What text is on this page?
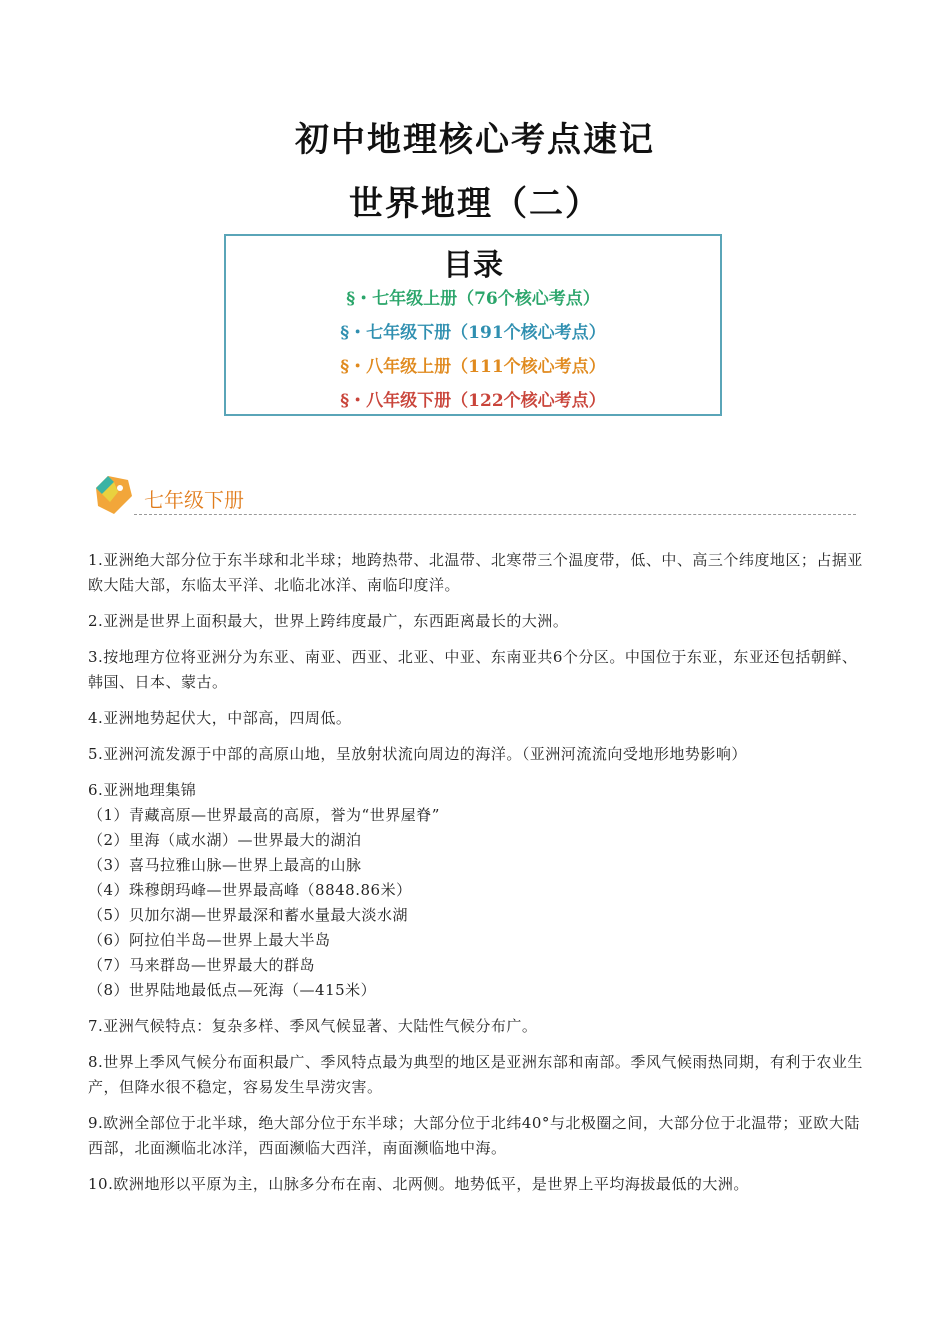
初中地理核心考点速记
世界地理（二）
目录
§・七年级上册（76个核心考点）
§・七年级下册（191个核心考点）
§・八年级上册（111个核心考点）
§・八年级下册（122个核心考点）
七年级下册

1.亚洲绝大部分位于东半球和北半球；地跨热带、北温带、北寒带三个温度带，低、中、高三个纬度地区；占据亚欧大陆大部，东临太平洋、北临北冰洋、南临印度洋。

2.亚洲是世界上面积最大，世界上跨纬度最广，东西距离最长的大洲。

3.按地理方位将亚洲分为东亚、南亚、西亚、北亚、中亚、东南亚共6个分区。中国位于东亚，东亚还包括朝鲜、韩国、日本、蒙古。

4.亚洲地势起伏大，中部高，四周低。

5.亚洲河流发源于中部的高原山地，呈放射状流向周边的海洋。（亚洲河流流向受地形地势影响）

6.亚洲地理集锦

（1）青藏高原—世界最高的高原，誉为“世界屋脊”

（2）里海（咸水湖）—世界最大的湖泊

（3）喜马拉雅山脉—世界上最高的山脉

（4）珠穆朗玛峰—世界最高峰（8848.86米）

（5）贝加尔湖—世界最深和蓄水量最大淡水湖

（6）阿拉伯半岛—世界上最大半岛

（7）马来群岛—世界最大的群岛

（8）世界陆地最低点—死海（—415米）

7.亚洲气候特点：复杂多样、季风气候显著、大陆性气候分布广。

8.世界上季风气候分布面积最广、季风特点最为典型的地区是亚洲东部和南部。季风气候雨热同期，有利于农业生产，但降水很不稳定，容易发生旱涝灾害。

9.欧洲全部位于北半球，绝大部分位于东半球；大部分位于北纬40°与北极圈之间，大部分位于北温带；亚欧大陆西部，北面濒临北冰洋，西面濒临大西洋，南面濒临地中海。

10.欧洲地形以平原为主，山脉多分布在南、北两侧。地势低平，是世界上平均海拔最低的大洲。
